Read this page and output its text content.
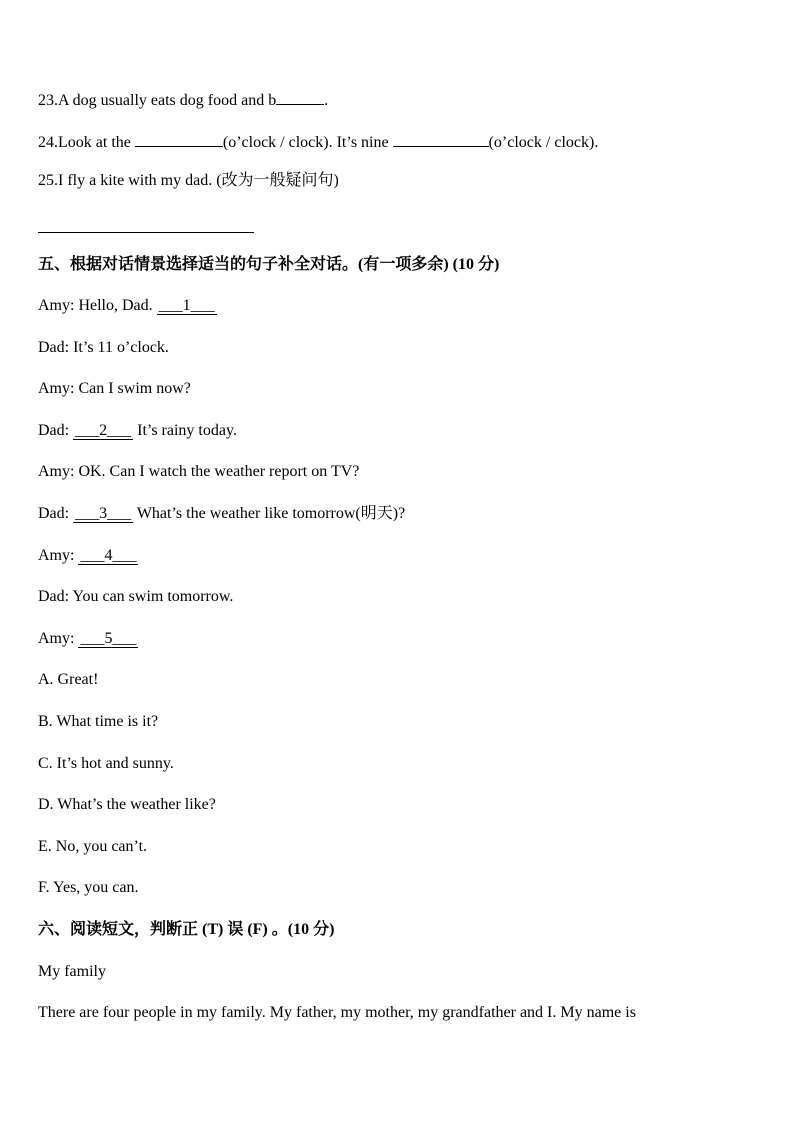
23.A dog usually eats dog food and b	.
24.Look at the	(o’clock / clock). It’s nine	(o’clock / clock).
25.I fly a kite with my dad. (改为一般疑问句)
五、根据对话情景选择适当的句子补全对话。(有一项多余) (10 分)
Amy: Hello, Dad. ___1___
Dad: It’s 11 o’clock.
Amy: Can I swim now?
Dad: ___2___ It’s rainy today.
Amy: OK. Can I watch the weather report on TV?
Dad: ___3___ What’s the weather like tomorrow(明天)?
Amy: ___4___
Dad: You can swim tomorrow.
Amy: ___5___
A. Great!
B. What time is it?
C. It’s hot and sunny.
D. What’s the weather like?
E. No, you can’t.
F. Yes, you can.
六、阅读短文，判断正 (T) 误 (F) 。(10 分)
My family
There are four people in my family. My father, my mother, my grandfather and I. My name is
